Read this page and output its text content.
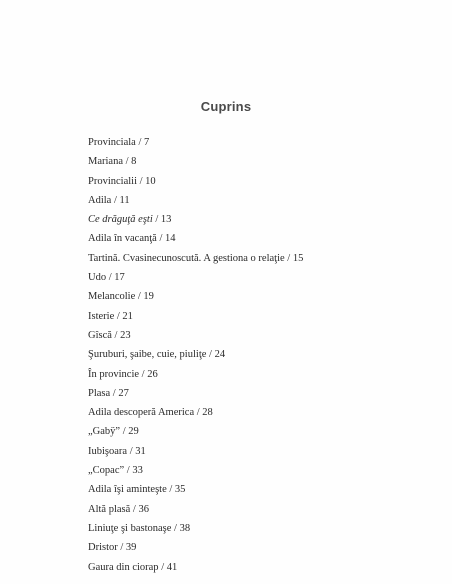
Cuprins
Provinciala / 7
Mariana / 8
Provincialii / 10
Adila / 11
Ce drăguţă eşti / 13
Adila în vacanţă / 14
Tartină. Cvasinecunoscută. A gestiona o relaţie / 15
Udo / 17
Melancolie / 19
Isterie / 21
Gîscă / 23
Şuruburi, şaibe, cuie, piuliţe / 24
În provincie / 26
Plasa / 27
Adila descoperă America / 28
„Gabÿ” / 29
Iubişoara / 31
„Copac” / 33
Adila îşi aminteşte / 35
Altă plasă / 36
Liniuţe şi bastonaşe / 38
Dristor / 39
Gaura din ciorap / 41
